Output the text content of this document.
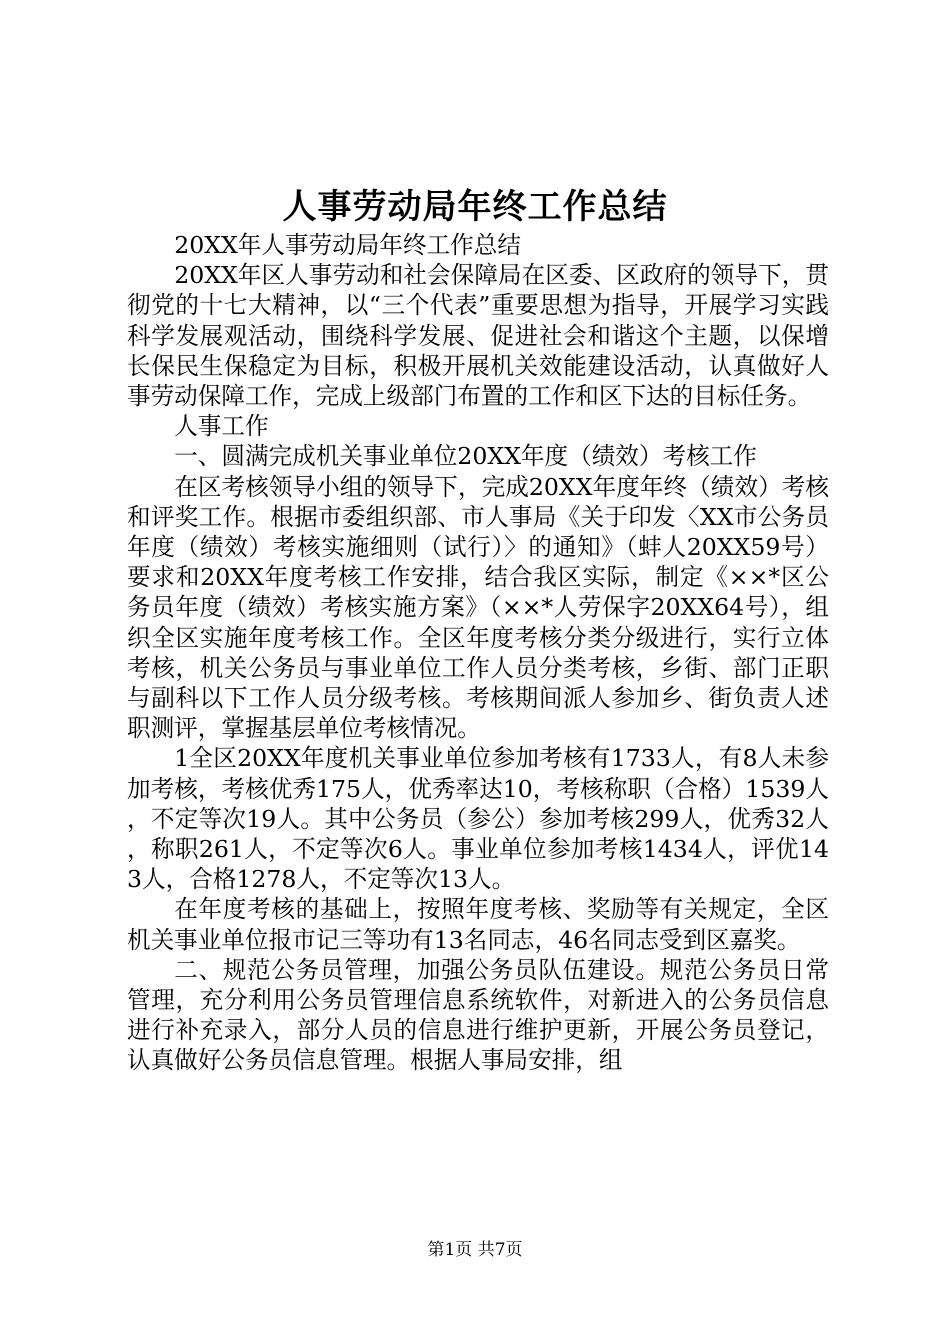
人事劳动局年终工作总结

20XX年人事劳动局年终工作总结

20XX年区人事劳动和社会保障局在区委、区政府的领导下，贯彻党的十七大精神，以“三个代表”重要思想为指导，开展学习实践科学发展观活动，围绕科学发展、促进社会和谐这个主题，以保增长保民生保稳定为目标，积极开展机关效能建设活动，认真做好人事劳动保障工作，完成上级部门布置的工作和区下达的目标任务。

人事工作

一、圆满完成机关事业单位20XX年度（绩效）考核工作

在区考核领导小组的领导下，完成20XX年度年终（绩效）考核和评奖工作。根据市委组织部、市人事局《关于印发〈XX市公务员年度（绩效）考核实施细则（试行）〉的通知》（蚌人20XX59号）要求和20XX年度考核工作安排，结合我区实际，制定《××*区公务员年度（绩效）考核实施方案》（××*人劳保字20XX64号），组织全区实施年度考核工作。全区年度考核分类分级进行，实行立体考核，机关公务员与事业单位工作人员分类考核，乡街、部门正职与副科以下工作人员分级考核。考核期间派人参加乡、街负责人述职测评，掌握基层单位考核情况。

1全区20XX年度机关事业单位参加考核有1733人，有8人未参加考核，考核优秀175人，优秀率达10，考核称职（合格）1539人，不定等次19人。其中公务员（参公）参加考核299人，优秀32人，称职261人，不定等次6人。事业单位参加考核1434人，评优143人，合格1278人，不定等次13人。

在年度考核的基础上，按照年度考核、奖励等有关规定，全区机关事业单位报市记三等功有13名同志，46名同志受到区嘉奖。

二、规范公务员管理，加强公务员队伍建设。规范公务员日常管理，充分利用公务员管理信息系统软件，对新进入的公务员信息进行补充录入，部分人员的信息进行维护更新，开展公务员登记，认真做好公务员信息管理。根据人事局安排，组

第1页 共7页
